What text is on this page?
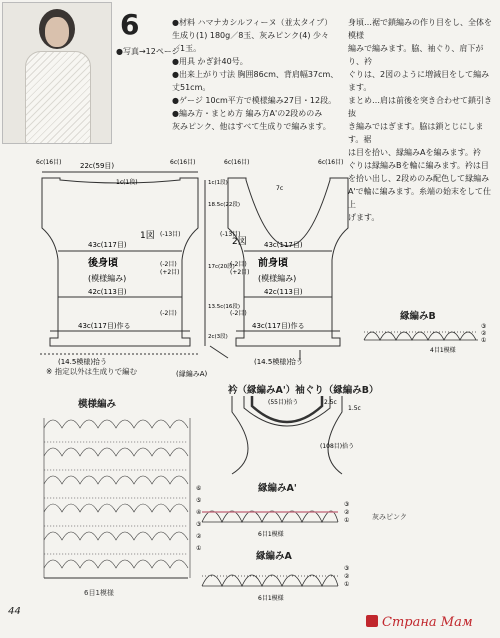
6
●写真→12ページ
●材料 ハマナカシルフィーヌ（並太タイプ）
生成り(1) 180g／8玉、灰みピンク(4) 少々
／1玉。
●用具 かぎ針40号。
●出来上がり寸法 胸囲86cm、背肩幅37cm、
丈51cm。
●ゲージ 10cm平方で模様編み27目・12段。
●編み方・まとめ方 編み方A'の2段めのみ
灰みピンク、他はすべて生成りで編みます。
身頃…裾で鎖編みの作り目をし、全体を模様
編みで編みます。脇、袖ぐり、肩下がり、衿
ぐりは、2図のように増減目をして編みます。
まとめ…肩は前後を突き合わせて鎖引き抜
き編みではぎます。脇は鎖とじにします。裾
は目を拾い、縁編みAを編みます。衿
ぐりは縁編みBを輪に編みます。衿は目
を拾い出し、2段めのみ配色して縁編み
A'で輪に編みます。糸端の始末をして仕上
げます。
22c(59目)
6c(16目)	6c(16目)
1c(1段)
1図
43c(117目)
後身頃
(模様編み)
42c(113目)
43c(117目)作る
(14.5模様)拾う
(-2目)
(+2目)
(-2目)
(-13目)
1c(1段)
18.5c(22段)
17c(20段)
13.5c(16段)
2c(3段)
7c
6c(16目)	6c(16目)
2図 43c(117目)
前身頃
(模様編み)
42c(113目)
43c(117目)作る
(14.5模様)拾う
(-2目)
(+2目)
(-2目)
(-13目)
(縁編みA)
※ 指定以外は生成りで編む
縁編みB
③
②
①
4目1模様
模様編み
⑥
⑤
④
③
②
①
6目1模様
衿（縁編みA'）袖ぐり（縁編みB）
(55目)拾う	2.5c
1.5c
(108目)拾う
縁編みA'
③
②
①
6目1模様
灰みピンク
縁編みA
③
②
①
6目1模様
44
Страна Мам
